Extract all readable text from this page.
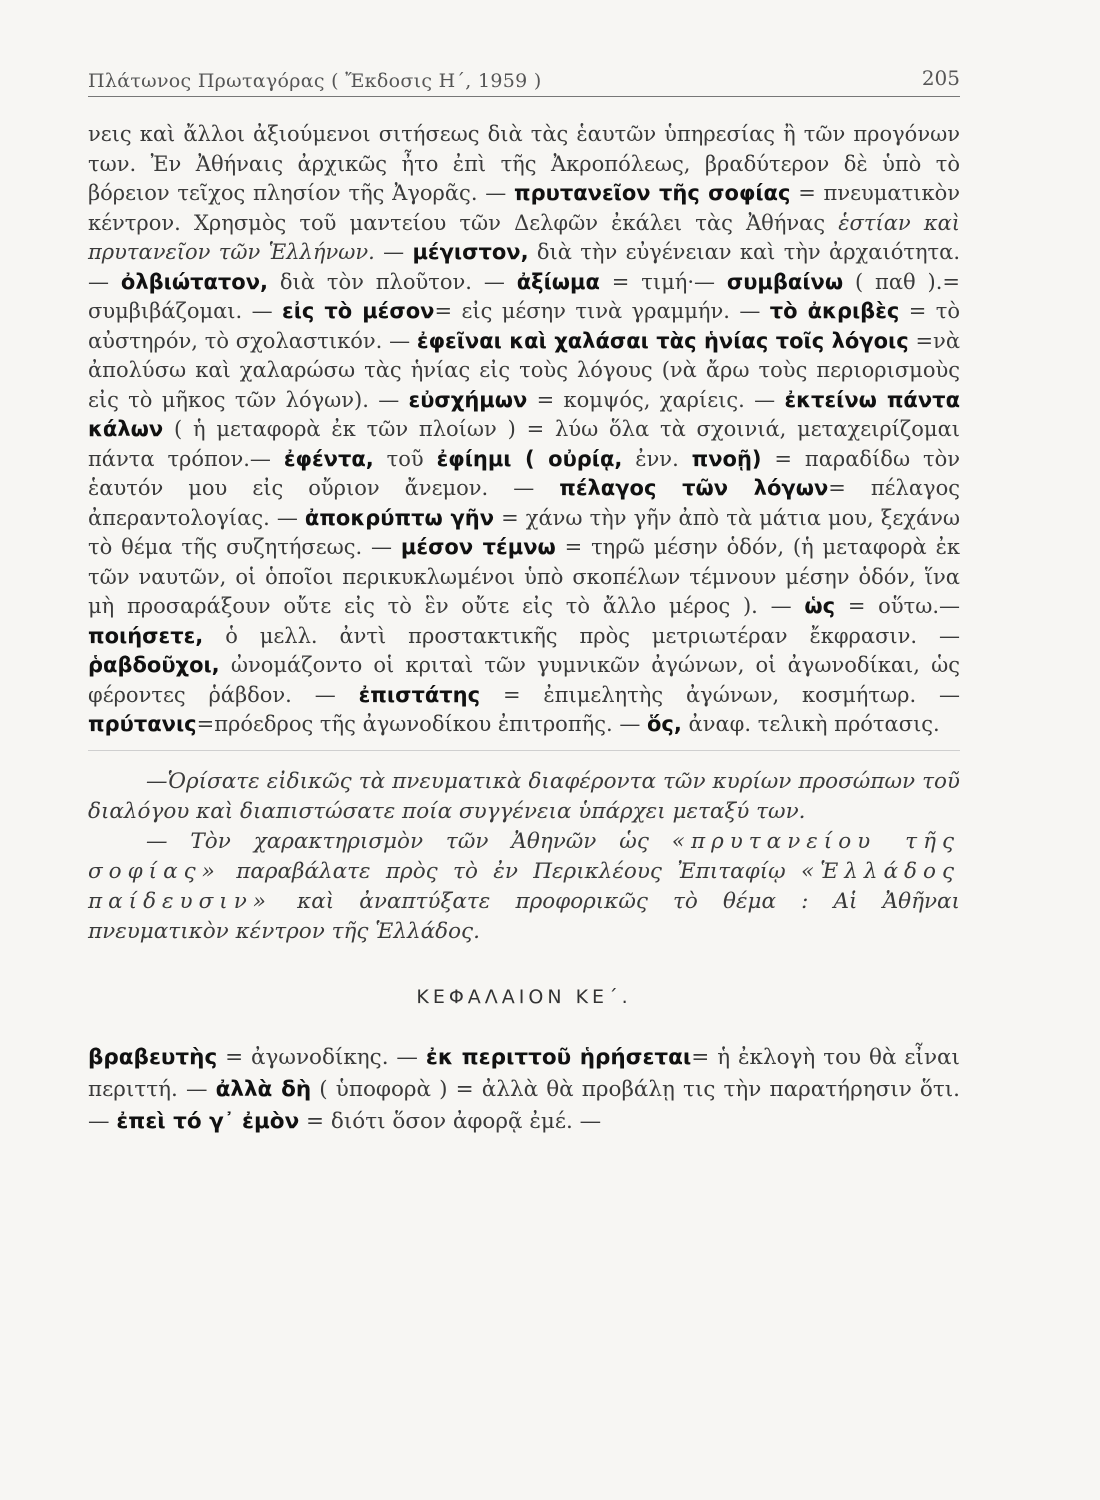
Πλάτωνος Πρωταγόρας ( Ἔκδοσις Η΄, 1959 )	205

νεις καὶ ἄλλοι ἀξιούμενοι σιτήσεως διὰ τὰς ἑαυτῶν ὑπηρεσίας ἢ τῶν προγόνων των. Ἐν Ἀθήναις ἀρχικῶς ἦτο ἐπὶ τῆς Ἀκροπόλεως, βραδύτερον δὲ ὑπὸ τὸ βόρειον τεῖχος πλησίον τῆς Ἀγορᾶς. — πρυτανεῖον τῆς σοφίας = πνευματικὸν κέντρον. Χρησμὸς τοῦ μαντείου τῶν Δελφῶν ἐκάλει τὰς Ἀθήνας ἑστίαν καὶ πρυτανεῖον τῶν Ἑλλήνων. — μέγιστον, διὰ τὴν εὐγένειαν καὶ τὴν ἀρχαιότητα.— ὀλβιώτατον, διὰ τὸν πλοῦτον. — ἀξίωμα = τιμή·— συμβαίνω ( παθ ).= συμβιβάζομαι. — εἰς τὸ μέσον= εἰς μέσην τινὰ γραμμήν. — τὸ ἀκριβὲς = τὸ αὐστηρόν, τὸ σχολαστικόν. — ἐφεῖναι καὶ χαλάσαι τὰς ἡνίας τοῖς λόγοις =νὰ ἀπολύσω καὶ χαλαρώσω τὰς ἡνίας εἰς τοὺς λόγους (νὰ ἄρω τοὺς περιορισμοὺς εἰς τὸ μῆκος τῶν λόγων). — εὐσχήμων = κομψός, χαρίεις. — ἐκτείνω πάντα κάλων ( ἡ μεταφορὰ ἐκ τῶν πλοίων ) = λύω ὅλα τὰ σχοινιά, μεταχειρίζομαι πάντα τρόπον.— ἐφέντα, τοῦ ἐφίημι ( οὐρίᾳ, ἐνν. πνοῇ) = παραδίδω τὸν ἑαυτόν μου εἰς οὔριον ἄνεμον. — πέλαγος τῶν λόγων= πέλαγος ἀπεραντολογίας. — ἀποκρύπτω γῆν = χάνω τὴν γῆν ἀπὸ τὰ μάτια μου, ξεχάνω τὸ θέμα τῆς συζητήσεως. — μέσον τέμνω = τηρῶ μέσην ὁδόν, (ἡ μεταφορὰ ἐκ τῶν ναυτῶν, οἱ ὁποῖοι περικυκλωμένοι ὑπὸ σκοπέλων τέμνουν μέσην ὁδόν, ἵνα μὴ προσαράξουν οὔτε εἰς τὸ ἓν οὔτε εἰς τὸ ἄλλο μέρος ). — ὡς = οὕτω.— ποιήσετε, ὁ μελλ. ἀντὶ προστακτικῆς πρὸς μετριωτέραν ἔκφρασιν. — ῥαβδοῦχοι, ὠνομάζοντο οἱ κριταὶ τῶν γυμνικῶν ἀγώνων, οἱ ἀγωνοδίκαι, ὡς φέροντες ῥάβδον. — ἐπιστάτης = ἐπιμελητὴς ἀγώνων, κοσμήτωρ. — πρύτανις=πρόεδρος τῆς ἀγωνοδίκου ἐπιτροπῆς. — ὅς, ἀναφ. τελικὴ πρότασις.

—Ὁρίσατε εἰδικῶς τὰ πνευματικὰ διαφέροντα τῶν κυρίων προσώπων τοῦ διαλόγου καὶ διαπιστώσατε ποία συγγένεια ὑπάρχει μεταξύ των.

— Τὸν χαρακτηρισμὸν τῶν Ἀθηνῶν ὡς «πρυτανείου τῆς σοφίας» παραβάλατε πρὸς τὸ ἐν Περικλέους Ἐπιταφίῳ «Ἑλλάδος παίδευσιν» καὶ ἀναπτύξατε προφορικῶς τὸ θέμα : Αἱ Ἀθῆναι πνευματικὸν κέντρον τῆς Ἑλλάδος.

ΚΕΦΑΛΑΙΟΝ ΚΕ΄.

βραβευτὴς = ἀγωνοδίκης. — ἐκ περιττοῦ ἡρήσεται= ἡ ἐκλογὴ του θὰ εἶναι περιττή. — ἀλλὰ δὴ ( ὑποφορὰ ) = ἀλλὰ θὰ προβάλῃ τις τὴν παρατήρησιν ὅτι. — ἐπεὶ τό γ᾽ ἐμὸν = διότι ὅσον ἀφορᾷ ἐμέ. —
